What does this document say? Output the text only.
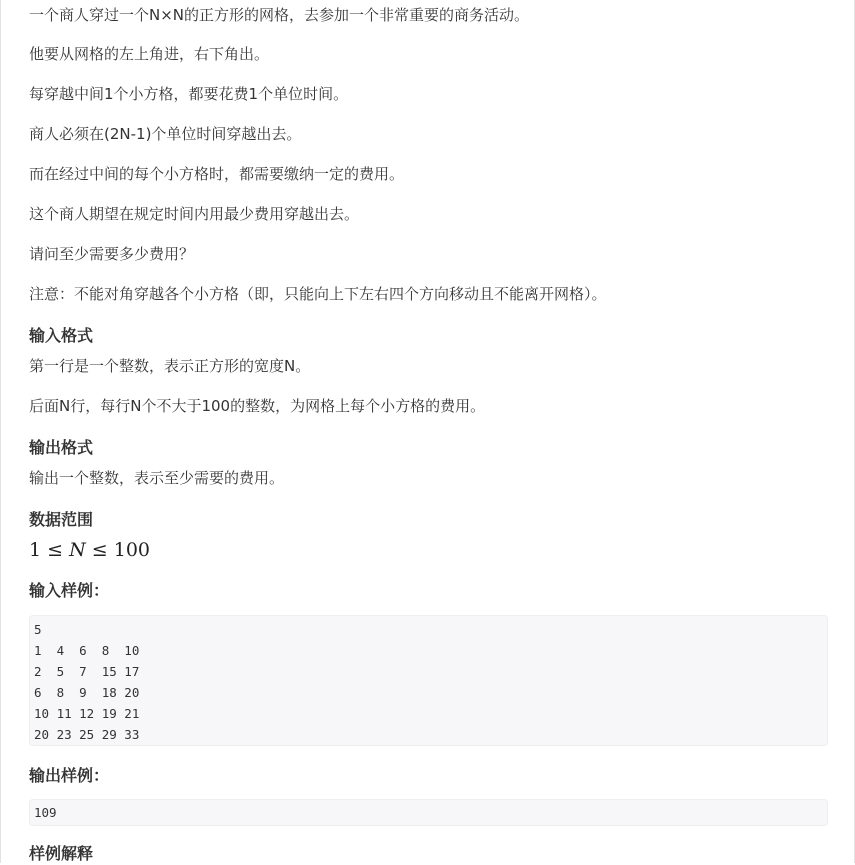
一个商人穿过一个N×N的正方形的网格，去参加一个非常重要的商务活动。

他要从网格的左上角进，右下角出。

每穿越中间1个小方格，都要花费1个单位时间。

商人必须在(2N-1)个单位时间穿越出去。

而在经过中间的每个小方格时，都需要缴纳一定的费用。

这个商人期望在规定时间内用最少费用穿越出去。

请问至少需要多少费用？

注意：不能对角穿越各个小方格（即，只能向上下左右四个方向移动且不能离开网格）。

输入格式

第一行是一个整数，表示正方形的宽度N。

后面N行，每行N个不大于100的整数，为网格上每个小方格的费用。

输出格式

输出一个整数，表示至少需要的费用。

数据范围
1 ≤ N ≤ 100
输入样例：
5
1  4  6  8  10
2  5  7  15 17
6  8  9  18 20
10 11 12 19 21
20 23 25 29 33
输出样例：
109
样例解释
